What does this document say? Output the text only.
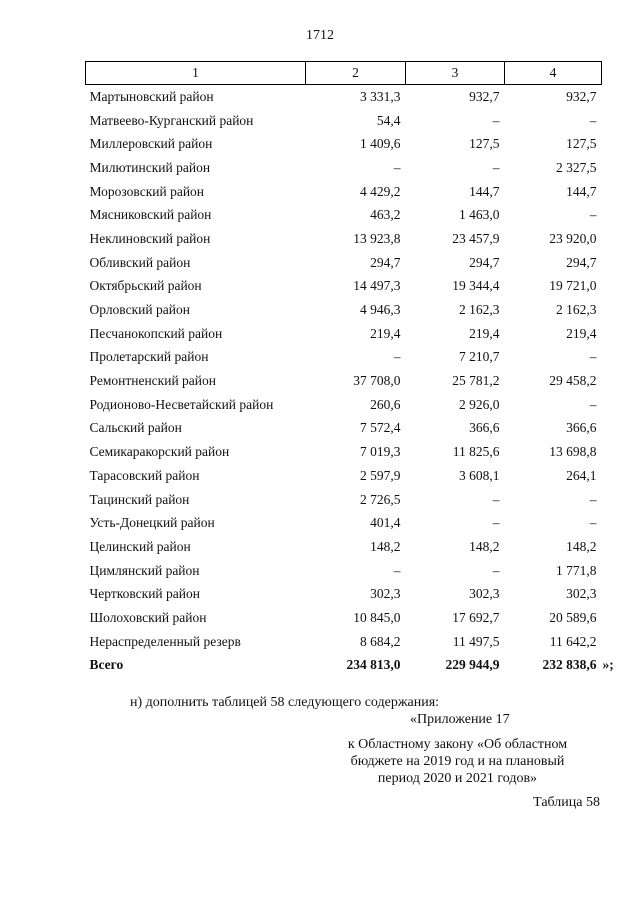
1712
1	2	3	4
Мартыновский район	3 331,3	932,7	932,7
Матвеево-Курганский район	54,4	–	–
Миллеровский район	1 409,6	127,5	127,5
Милютинский район	–	–	2 327,5
Морозовский район	4 429,2	144,7	144,7
Мясниковский район	463,2	1 463,0	–
Неклиновский район	13 923,8	23 457,9	23 920,0
Обливский район	294,7	294,7	294,7
Октябрьский район	14 497,3	19 344,4	19 721,0
Орловский район	4 946,3	2 162,3	2 162,3
Песчанокопский район	219,4	219,4	219,4
Пролетарский район	–	7 210,7	–
Ремонтненский район	37 708,0	25 781,2	29 458,2
Родионово-Несветайский район	260,6	2 926,0	–
Сальский район	7 572,4	366,6	366,6
Семикаракорский район	7 019,3	11 825,6	13 698,8
Тарасовский район	2 597,9	3 608,1	264,1
Тацинский район	2 726,5	–	–
Усть-Донецкий район	401,4	–	–
Целинский район	148,2	148,2	148,2
Цимлянский район	–	–	1 771,8
Чертковский район	302,3	302,3	302,3
Шолоховский район	10 845,0	17 692,7	20 589,6
Нераспределенный резерв	8 684,2	11 497,5	11 642,2
Всего	234 813,0	229 944,9	232 838,6
н) дополнить таблицей 58 следующего содержания:
«Приложение 17
к Областному закону «Об областном бюджете на 2019 год и на плановый период 2020 и 2021 годов»
Таблица 58
»;
